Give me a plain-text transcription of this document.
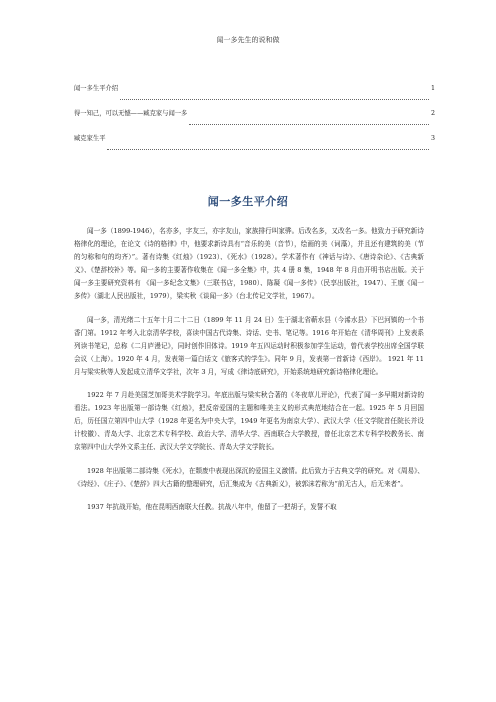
闻一多先生的说和做
闻一多生平介绍	1
得一知己，可以无憾——臧克家与闻一多	2
臧克家生平	3
闻一多生平介绍

闻一多（1899-1946），名亦多，字友三，亦字友山，家族排行叫家骅。后改名多，又改名一多。他致力于研究新诗格律化的理论，在论文《诗的格律》中，他要求新诗具有“音乐的美（音节），绘画的美（词藻），并且还有建筑的美（节的匀称和句的均齐）”。著有诗集《红烛》（1923）、《死水》（1928）。学术著作有《神话与诗》、《唐诗杂论》、《古典新义》、《楚辞校补》等。闻一多的主要著作收集在《闻一多全集》中，共 4 册 8 集，1948 年 8 月由开明书店出版。关于闻一多主要研究资料有 《闻一多纪念文集》（三联书店，1980）、陈凝《闻一多传》（民享出版社，1947）、王康《闻一多传》（湖北人民出版社，1979），梁实秋《谈闻一多》（台北传记文学社，1967）。

闻一多，清光绪二十五年十月二十二日（1899 年 11 月 24 日）生于湖北省蕲水县（今浠水县）下巴河镇的一个书香门第。1912 年考入北京清华学校，喜读中国古代诗集、诗话、史书、笔记等。1916 年开始在《清华周刊》上发表系列读书笔记，总称《二月庐漫记》，同时创作旧体诗。1919 年五四运动时积极参加学生运动，曾代表学校出席全国学联会议（上海）。1920 年 4 月，发表第一篇白话文《旅客式的学生》。同年 9 月，发表第一首新诗《西岸》。 1921 年 11 月与梁实秋等人发起成立清华文学社，次年 3 月，写成《律诗底研究》，开始系统地研究新诗格律化理论。

1922 年 7 月赴美国芝加哥美术学院学习。年底出版与梁实秋合著的《冬夜草儿评论》，代表了闻一多早期对新诗的看法。1923 年出版第一部诗集《红烛》，把反帝爱国的主题和唯美主义的形式典范地结合在一起。1925 年 5 月回国后，历任国立第四中山大学（1928 年更名为中央大学，1949 年更名为南京大学）、武汉大学（任文学院首任院长并设计校徽）、青岛大学、北京艺术专科学校、政治大学、清华大学、西南联合大学教授，曾任北京艺术专科学校教务长、南京第四中山大学外文系主任、武汉大学文学院长、青岛大学文学院长。

1928 年出版第二部诗集《死水》，在颓废中表现出深沉的爱国主义激情。此后致力于古典文学的研究。对《周易》、《诗经》、《庄子》、《楚辞》四大古籍的整理研究，后汇集成为《古典新义》，被郭沫若称为“前无古人，后无来者”。

1937 年抗战开始，他在昆明西南联大任教。抗战八年中，他留了一把胡子，发誓不取
